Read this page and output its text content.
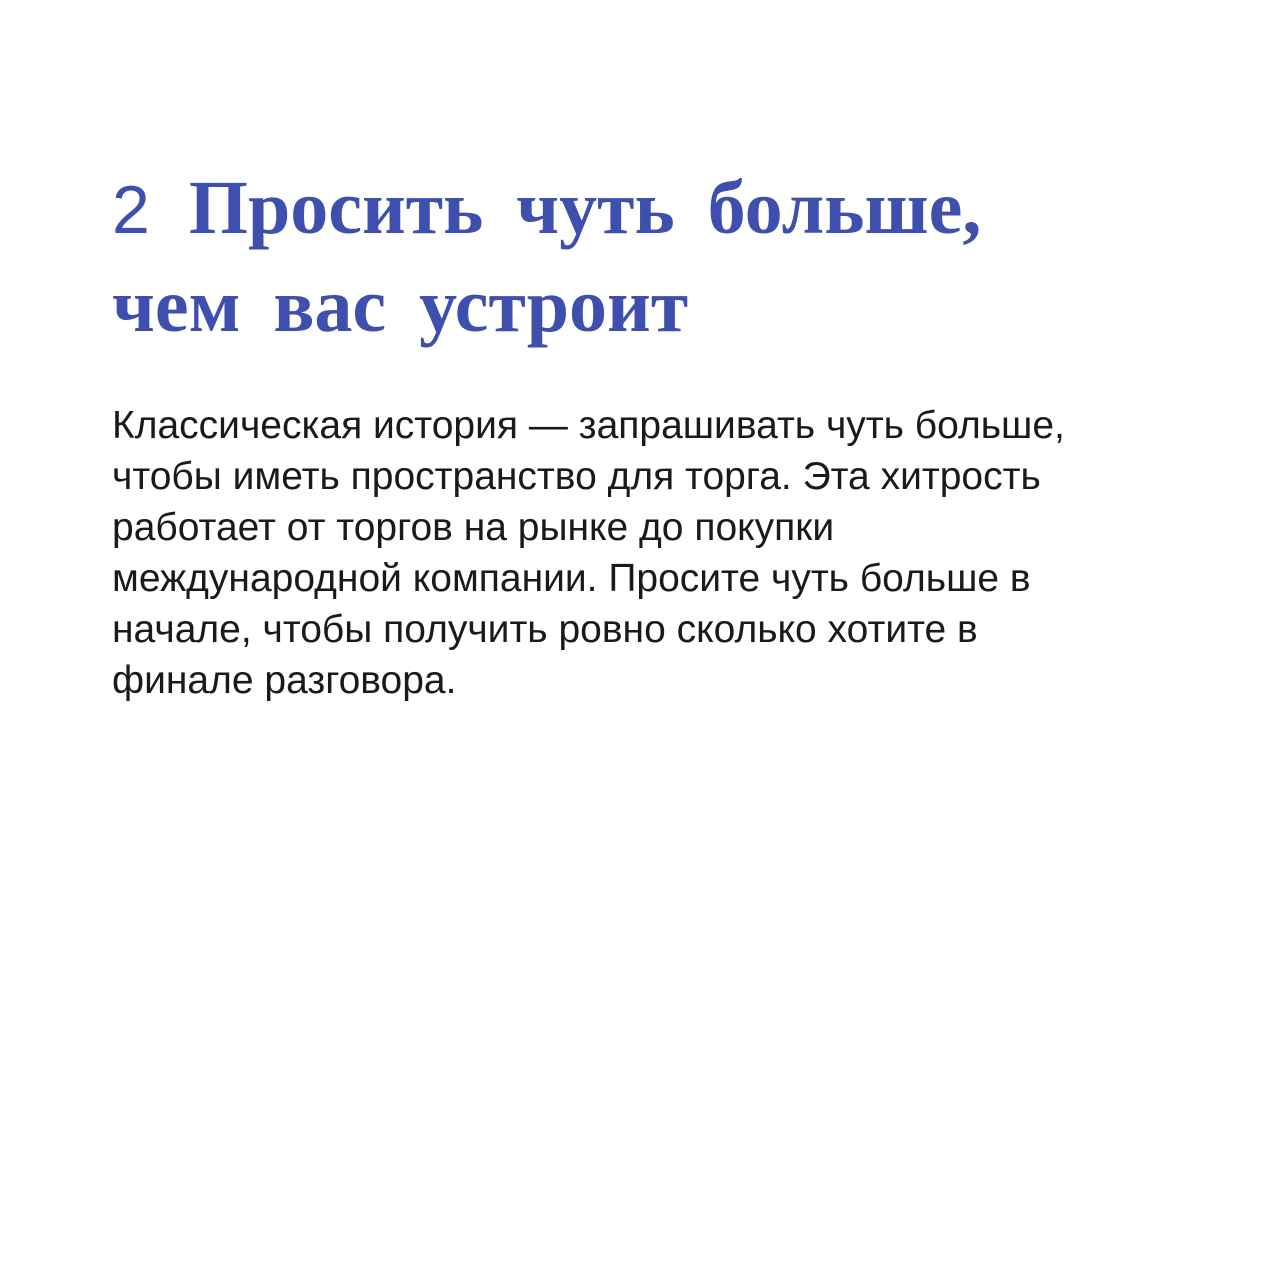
2 Просить чуть больше,
чем вас устроит

Классическая история — запрашивать чуть больше,
чтобы иметь пространство для торга. Эта хитрость
работает от торгов на рынке до покупки
международной компании. Просите чуть больше в
начале, чтобы получить ровно сколько хотите в
финале разговора.
